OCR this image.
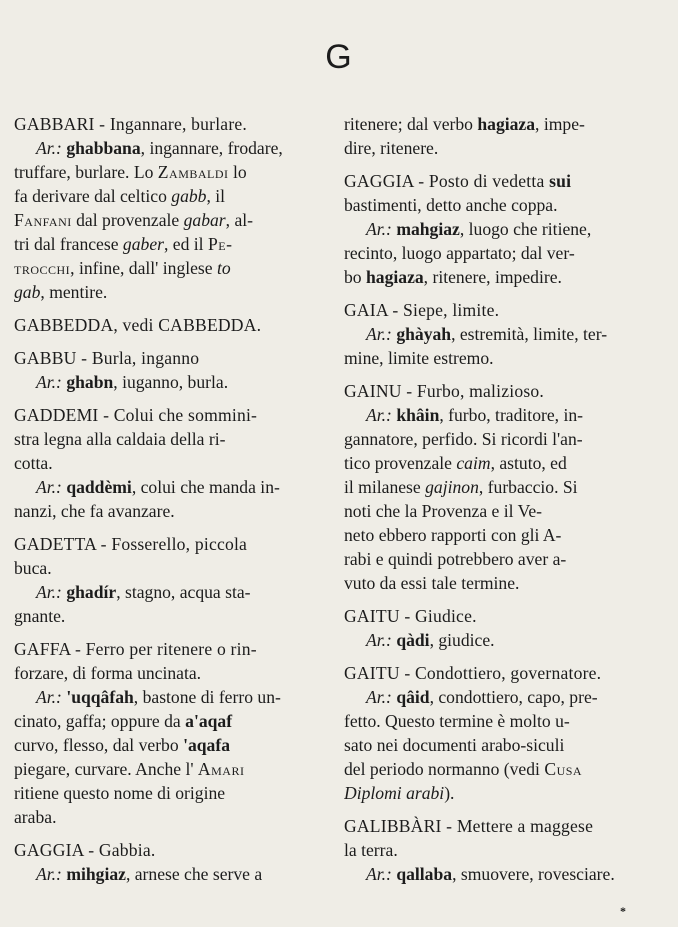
G
GABBARI - Ingannare, burlare.
Ar.: ghabbana, ingannare, frodare,
truffare, burlare. Lo Zambaldi lo
fa derivare dal celtico gabb, il
Fanfani dal provenzale gabar, al-
tri dal francese gaber, ed il Pe-
trocchi, infine, dall' inglese to
gab, mentire.
GABBEDDA, vedi CABBEDDA.
GABBU - Burla, inganno
Ar.: ghabn, iuganno, burla.
GADDEMI - Colui che sommini-
stra legna alla caldaia della ri-
cotta.
Ar.: qaddèmi, colui che manda in-
nanzi, che fa avanzare.
GADETTA - Fosserello, piccola
buca.
Ar.: ghadír, stagno, acqua sta-
gnante.
GAFFA - Ferro per ritenere o rin-
forzare, di forma uncinata.
Ar.: 'uqqâfah, bastone di ferro un-
cinato, gaffa; oppure da a'aqaf
curvo, flesso, dal verbo 'aqafa
piegare, curvare. Anche l' Amari
ritiene questo nome di origine
araba.
GAGGIA - Gabbia.
Ar.: mihgiaz, arnese che serve a
ritenere; dal verbo hagiaza, impe-
dire, ritenere.
GAGGIA - Posto di vedetta sui
bastimenti, detto anche coppa.
Ar.: mahgiaz, luogo che ritiene,
recinto, luogo appartato; dal ver-
bo hagiaza, ritenere, impedire.
GAIA - Siepe, limite.
Ar.: ghàyah, estremità, limite, ter-
mine, limite estremo.
GAINU - Furbo, malizioso.
Ar.: khâin, furbo, traditore, in-
gannatore, perfido. Si ricordi l'an-
tico provenzale caim, astuto, ed
il milanese gajinon, furbaccio. Si
noti che la Provenza e il Ve-
neto ebbero rapporti con gli A-
rabi e quindi potrebbero aver a-
vuto da essi tale termine.
GAITU - Giudice.
Ar.: qàdi, giudice.
GAITU - Condottiero, governatore.
Ar.: qâid, condottiero, capo, pre-
fetto. Questo termine è molto u-
sato nei documenti arabo-siculi
del periodo normanno (vedi Cusa
Diplomi arabi).
GALIBBÀRI - Mettere a maggese
la terra.
Ar.: qallaba, smuovere, rovesciare.
*
